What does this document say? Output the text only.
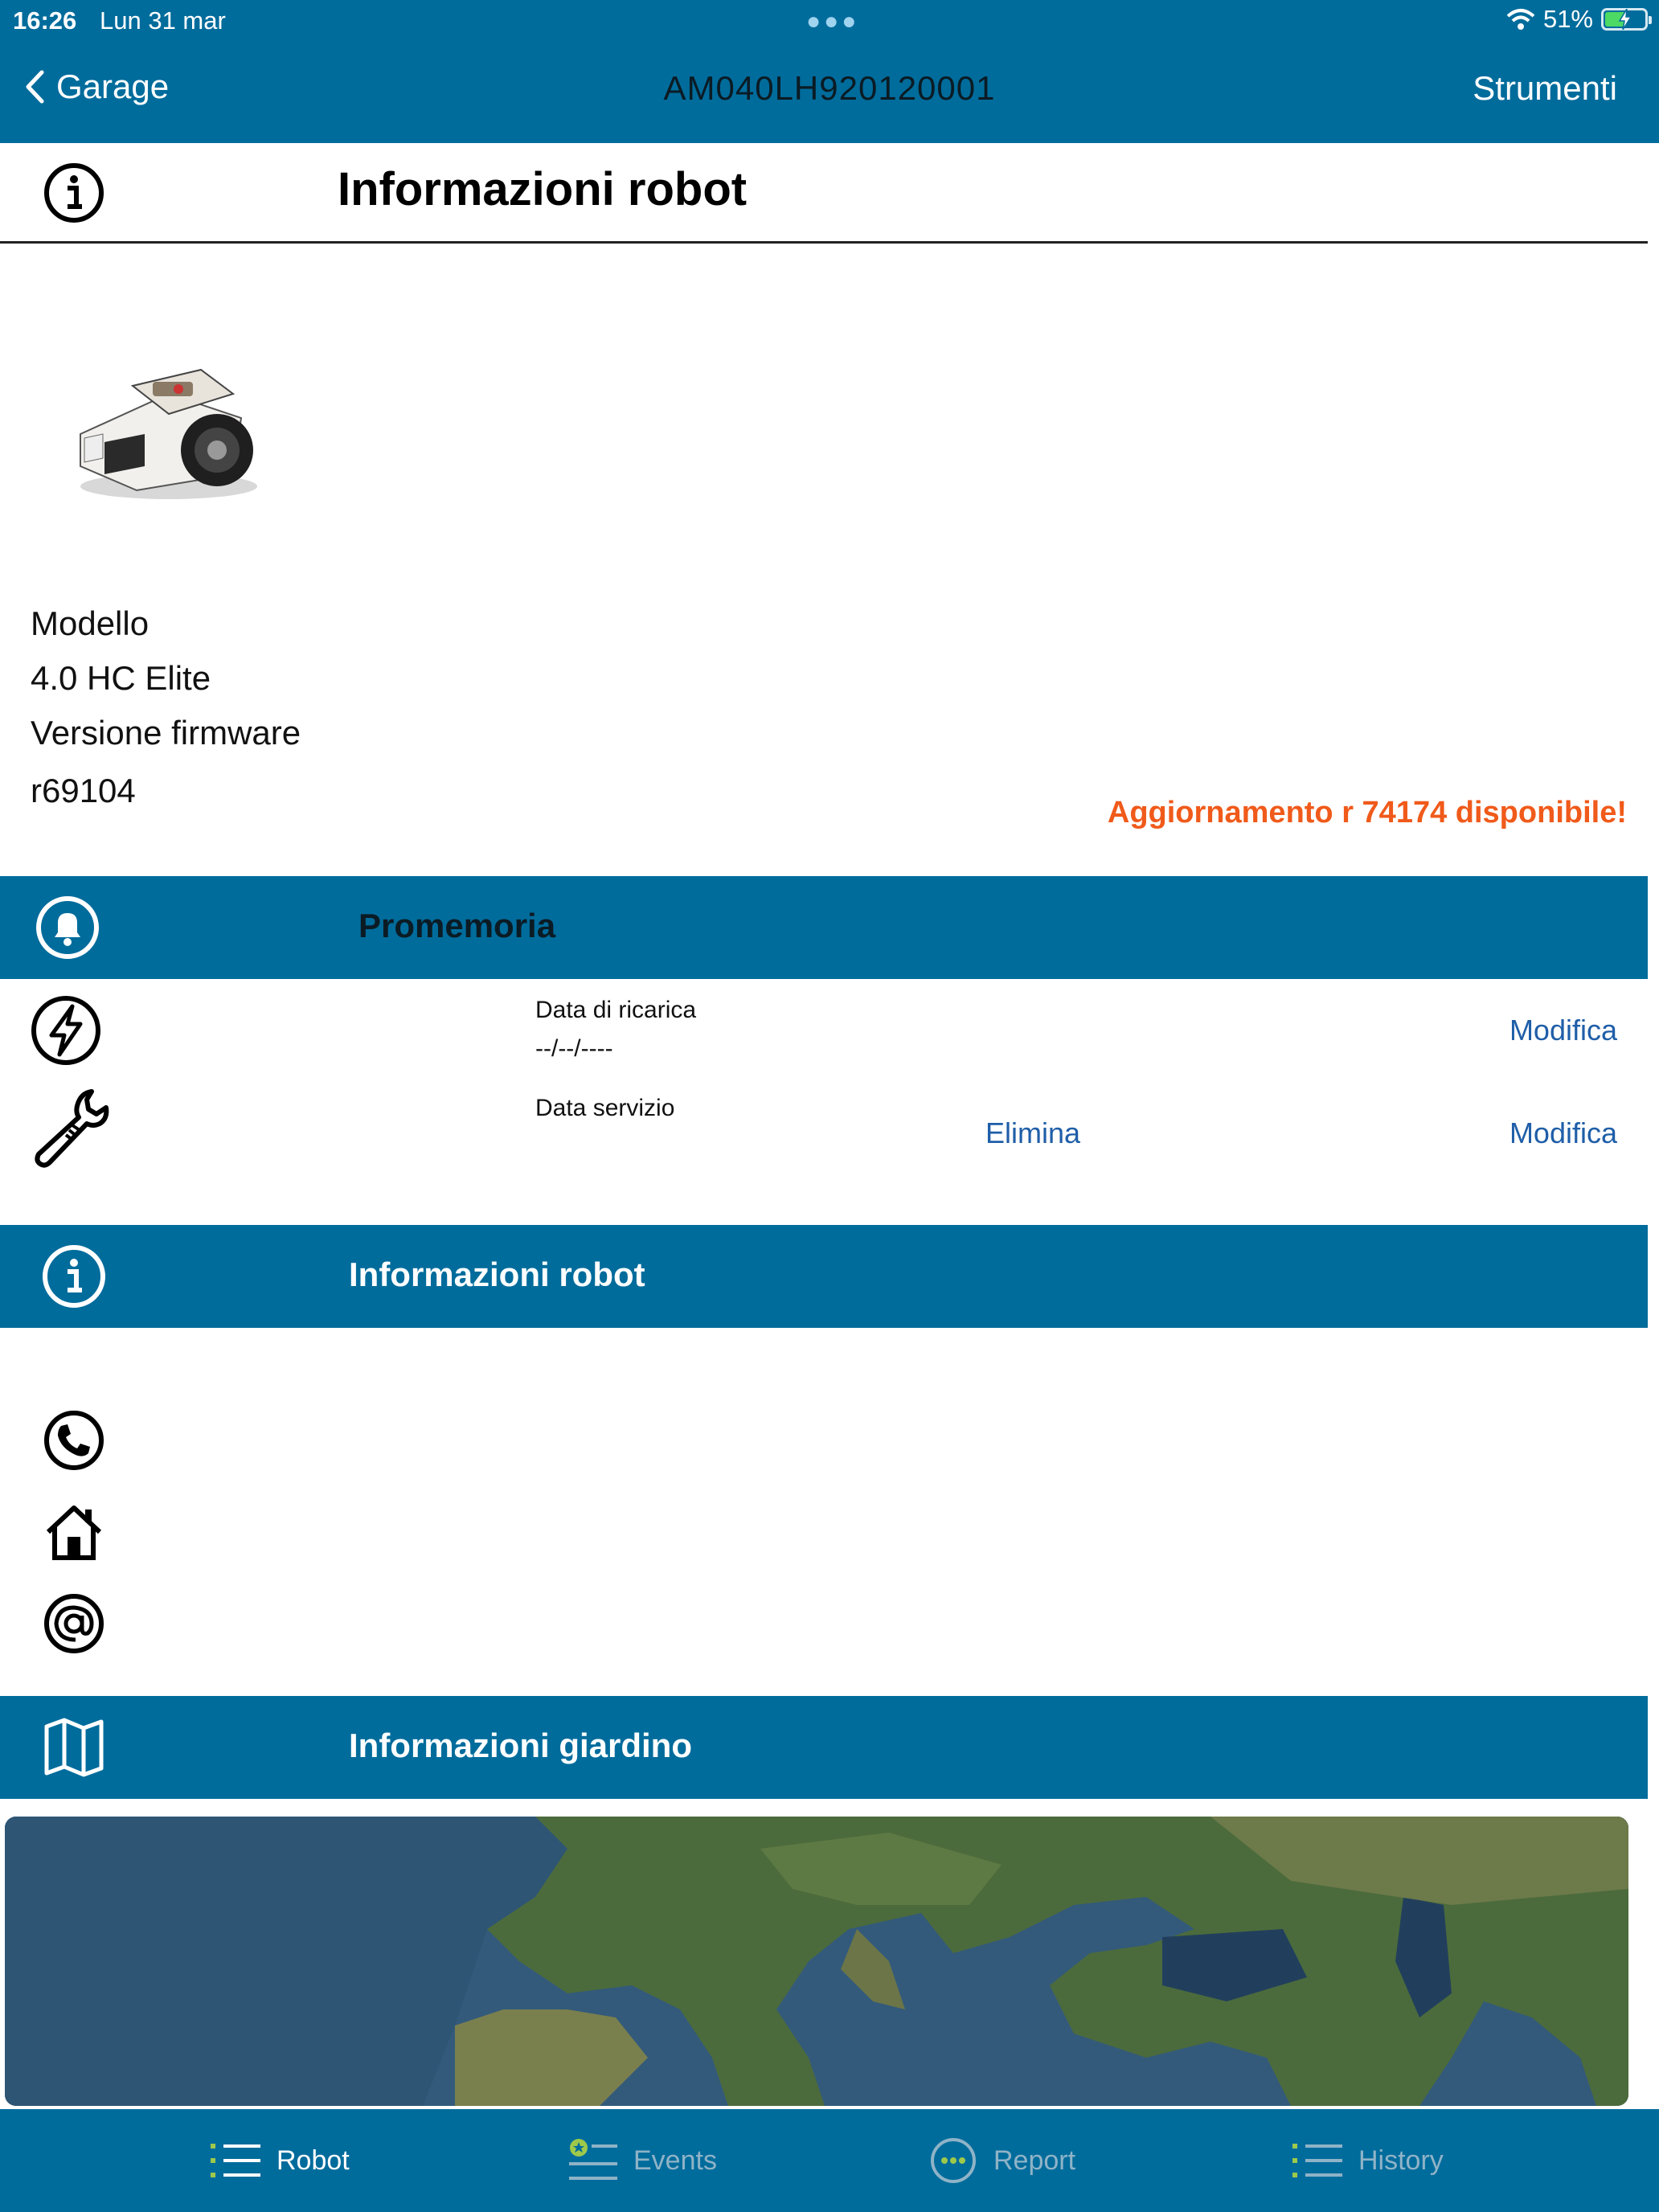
16:26 Lun 31 mar	●●●	51%
Garage	AM040LH920120001	Strumenti
Informazioni robot
Modello
4.0 HC Elite
Versione firmware
r69104
Aggiornamento r 74174 disponibile!
Promemoria
Data di ricarica
--/--/----
Modifica
Data servizio
Elimina	Modifica
Informazioni robot
Informazioni giardino
Robot	Events	Report	History
